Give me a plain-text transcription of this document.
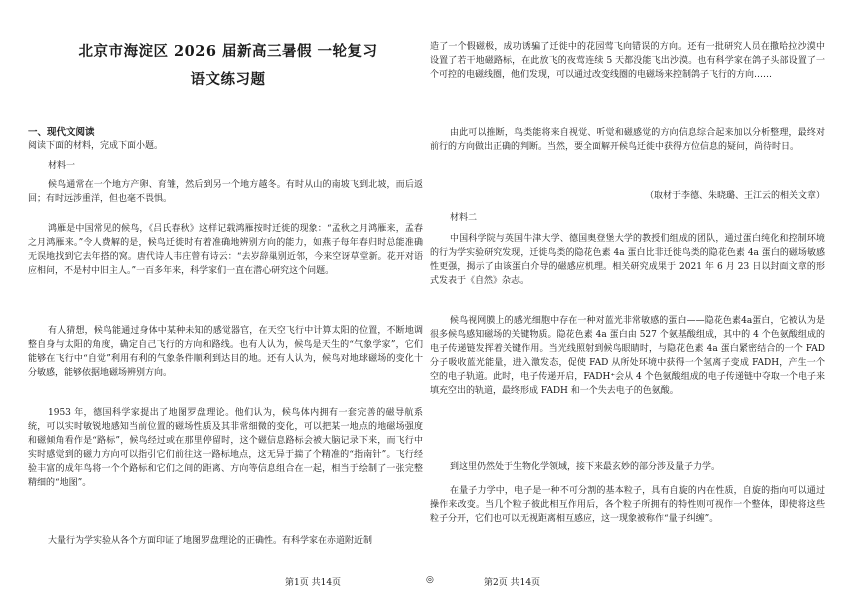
北京市海淀区 2026 届新高三暑假 一轮复习
语文练习题
一、现代文阅读
阅读下面的材料，完成下面小题。
材料一
候鸟通常在一个地方产卵、育雏，然后到另一个地方越冬。有时从山的南坡飞到北坡，而后返回；有时远涉重洋，但也毫不畏惧。
鸿雁是中国常见的候鸟，《吕氏春秋》这样记载鸿雁按时迁徙的现象：“孟秋之月鸿雁来，孟春之月鸿雁来。”令人费解的是，候鸟迁徙时有着准确地辨别方向的能力，如燕子每年春归时总能准确无误地找到它去年搭的窝。唐代诗人韦庄曾有诗云：“去岁辞巢别近邻，今来空讶草堂新。花开对语应相问，不是村中旧主人。”一百多年来，科学家们一直在潜心研究这个问题。
有人猜想，候鸟能通过身体中某种未知的感觉器官，在天空飞行中计算太阳的位置，不断地调整自身与太阳的角度，确定自己飞行的方向和路线。也有人认为，候鸟是天生的“气象学家”，它们能够在飞行中“自觉”利用有利的气象条件顺利到达目的地。还有人认为，候鸟对地球磁场的变化十分敏感，能够依据地磁场辨别方向。
1953 年，德国科学家提出了地图罗盘理论。他们认为，候鸟体内拥有一套完善的磁导航系统，可以实时敏锐地感知当前位置的磁场性质及其非常细微的变化，可以把某一地点的地磁场强度和磁倾角看作是“路标”，候鸟经过或在那里停留时，这个磁信息路标会被大脑记录下来，而飞行中实时感觉到的磁力方向可以指引它们前往这一路标地点，这无异于揣了个精准的“指南针”。飞行经验丰富的成年鸟将一个个路标和它们之间的距离、方向等信息组合在一起，相当于绘制了一张完整精细的“地图”。
大量行为学实验从各个方面印证了地图罗盘理论的正确性。有科学家在赤道附近制
造了一个假磁极，成功诱骗了迁徙中的花园莺飞向错误的方向。还有一批研究人员在撒哈拉沙漠中设置了若干地磁路标，在此放飞的夜莺连续 5 天都没能飞出沙漠。也有科学家在鸽子头部设置了一个可控的电磁线圈，他们发现，可以通过改变线圈的电磁场来控制鸽子飞行的方向……
由此可以推断，鸟类能将来自视觉、听觉和磁感觉的方向信息综合起来加以分析整理，最终对前行的方向做出正确的判断。当然，要全面解开候鸟迁徙中获得方位信息的疑问，尚待时日。
（取材于李德、朱晓璐、王江云的相关文章）
材料二
中国科学院与英国牛津大学、德国奥登堡大学的教授们组成的团队，通过蛋白纯化和控制环境的行为学实验研究发现，迁徙鸟类的隐花色素 4a 蛋白比非迁徙鸟类的隐花色素 4a 蛋白的磁场敏感性更强，揭示了由该蛋白介导的磁感应机理。相关研究成果于 2021 年 6 月 23 日以封面文章的形式发表于《自然》杂志。
候鸟视网膜上的感光细胞中存在一种对蓝光非常敏感的蛋白——隐花色素4a蛋白，它被认为是很多候鸟感知磁场的关键物质。隐花色素 4a 蛋白由 527 个氨基酸组成，其中的 4 个色氨酸组成的电子传递链发挥着关键作用。当光线照射到候鸟眼睛时，与隐花色素 4a 蛋白紧密结合的一个 FAD 分子吸收蓝光能量，进入激发态，促使 FAD 从所处环境中获得一个氢离子变成 FADH，产生一个空的电子轨道。此时，电子传递开启，FADH⁺会从 4 个色氨酸组成的电子传递链中夺取一个电子来填充空出的轨道，最终形成 FADH 和一个失去电子的色氨酸。
到这里仍然处于生物化学领域，接下来最玄妙的部分涉及量子力学。
在量子力学中，电子是一种不可分割的基本粒子，具有自旋的内在性质，自旋的指向可以通过操作来改变。当几个粒子彼此相互作用后，各个粒子所拥有的特性则可视作一个整体，即使将这些粒子分开，它们也可以无视距离相互感应，这一现象被称作“量子纠缠”。
第1页 共14页	◎	第2页 共14页
